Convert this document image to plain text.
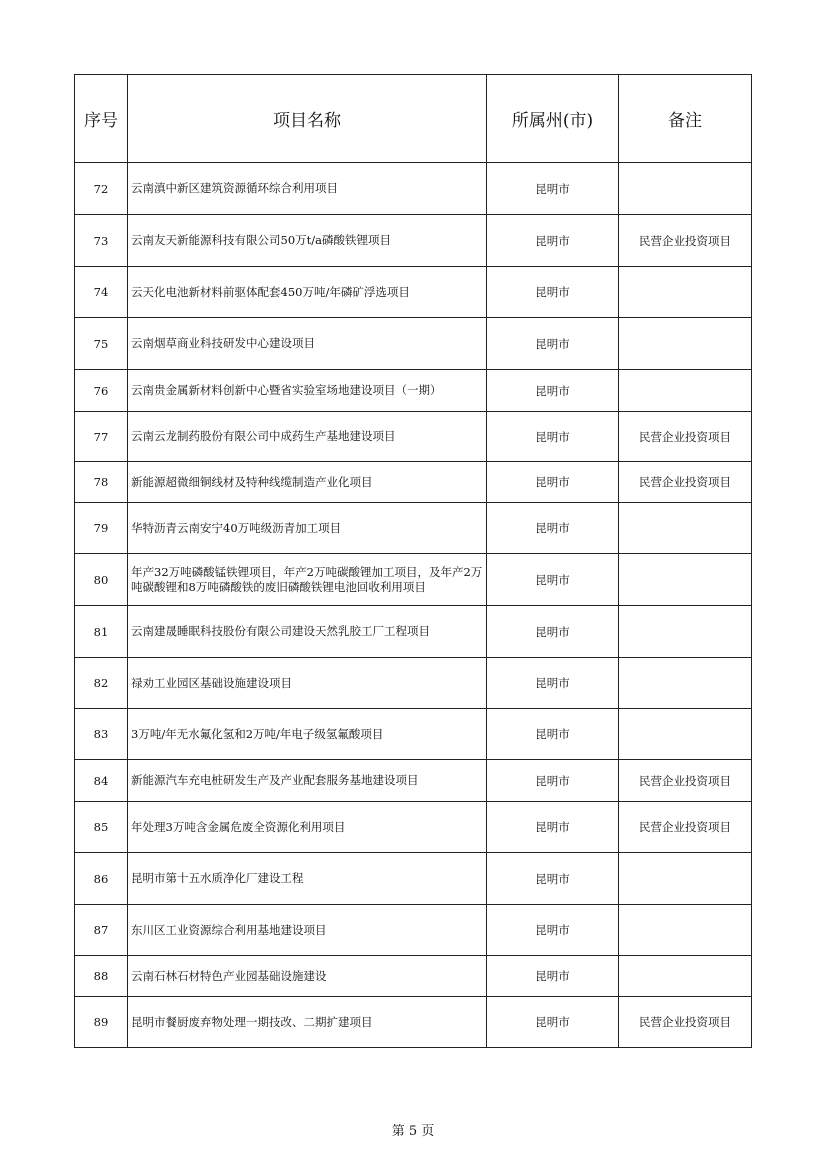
序号	项目名称	所属州(市)	备注
72	云南滇中新区建筑资源循环综合利用项目	昆明市	
73	云南友天新能源科技有限公司50万t/a磷酸铁锂项目	昆明市	民营企业投资项目
74	云天化电池新材料前驱体配套450万吨/年磷矿浮选项目	昆明市	
75	云南烟草商业科技研发中心建设项目	昆明市	
76	云南贵金属新材料创新中心暨省实验室场地建设项目（一期）	昆明市	
77	云南云龙制药股份有限公司中成药生产基地建设项目	昆明市	民营企业投资项目
78	新能源超微细铜线材及特种线缆制造产业化项目	昆明市	民营企业投资项目
79	华特沥青云南安宁40万吨级沥青加工项目	昆明市	
80	年产32万吨磷酸锰铁锂项目，年产2万吨碳酸锂加工项目，及年产2万吨碳酸锂和8万吨磷酸铁的废旧磷酸铁锂电池回收利用项目	昆明市	
81	云南建晟睡眠科技股份有限公司建设天然乳胶工厂工程项目	昆明市	
82	禄劝工业园区基础设施建设项目	昆明市	
83	3万吨/年无水氟化氢和2万吨/年电子级氢氟酸项目	昆明市	
84	新能源汽车充电桩研发生产及产业配套服务基地建设项目	昆明市	民营企业投资项目
85	年处理3万吨含金属危废全资源化利用项目	昆明市	民营企业投资项目
86	昆明市第十五水质净化厂建设工程	昆明市	
87	东川区工业资源综合利用基地建设项目	昆明市	
88	云南石林石材特色产业园基础设施建设	昆明市	
89	昆明市餐厨废弃物处理一期技改、二期扩建项目	昆明市	民营企业投资项目
第 5 页
